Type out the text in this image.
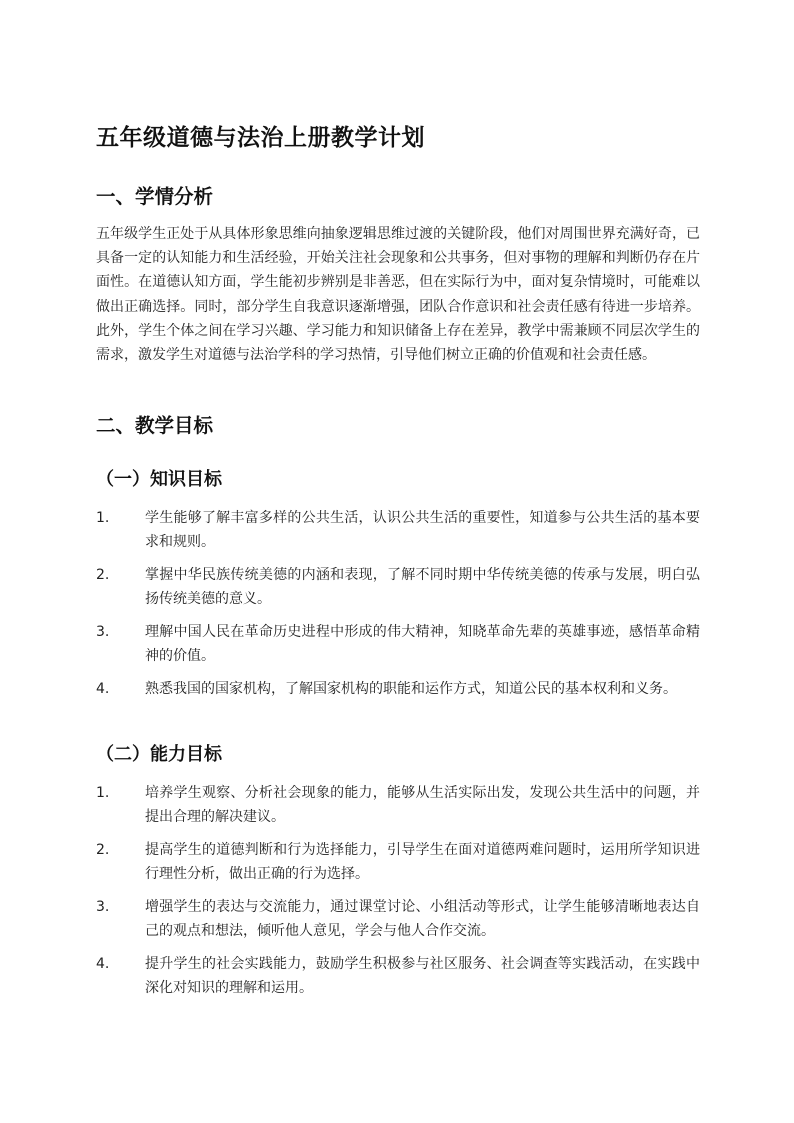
五年级道德与法治上册教学计划
一、学情分析

五年级学生正处于从具体形象思维向抽象逻辑思维过渡的关键阶段，他们对周围世界充满好奇，已具备一定的认知能力和生活经验，开始关注社会现象和公共事务，但对事物的理解和判断仍存在片面性。在道德认知方面，学生能初步辨别是非善恶，但在实际行为中，面对复杂情境时，可能难以做出正确选择。同时，部分学生自我意识逐渐增强，团队合作意识和社会责任感有待进一步培养。此外，学生个体之间在学习兴趣、学习能力和知识储备上存在差异，教学中需兼顾不同层次学生的需求，激发学生对道德与法治学科的学习热情，引导他们树立正确的价值观和社会责任感。

二、教学目标
（一）知识目标
1.	学生能够了解丰富多样的公共生活，认识公共生活的重要性，知道参与公共生活的基本要求和规则。
2.	掌握中华民族传统美德的内涵和表现，了解不同时期中华传统美德的传承与发展，明白弘扬传统美德的意义。
3.	理解中国人民在革命历史进程中形成的伟大精神，知晓革命先辈的英雄事迹，感悟革命精神的价值。
4.	熟悉我国的国家机构，了解国家机构的职能和运作方式，知道公民的基本权利和义务。
（二）能力目标
1.	培养学生观察、分析社会现象的能力，能够从生活实际出发，发现公共生活中的问题，并提出合理的解决建议。
2.	提高学生的道德判断和行为选择能力，引导学生在面对道德两难问题时，运用所学知识进行理性分析，做出正确的行为选择。
3.	增强学生的表达与交流能力，通过课堂讨论、小组活动等形式，让学生能够清晰地表达自己的观点和想法，倾听他人意见，学会与他人合作交流。
4.	提升学生的社会实践能力，鼓励学生积极参与社区服务、社会调查等实践活动，在实践中深化对知识的理解和运用。
